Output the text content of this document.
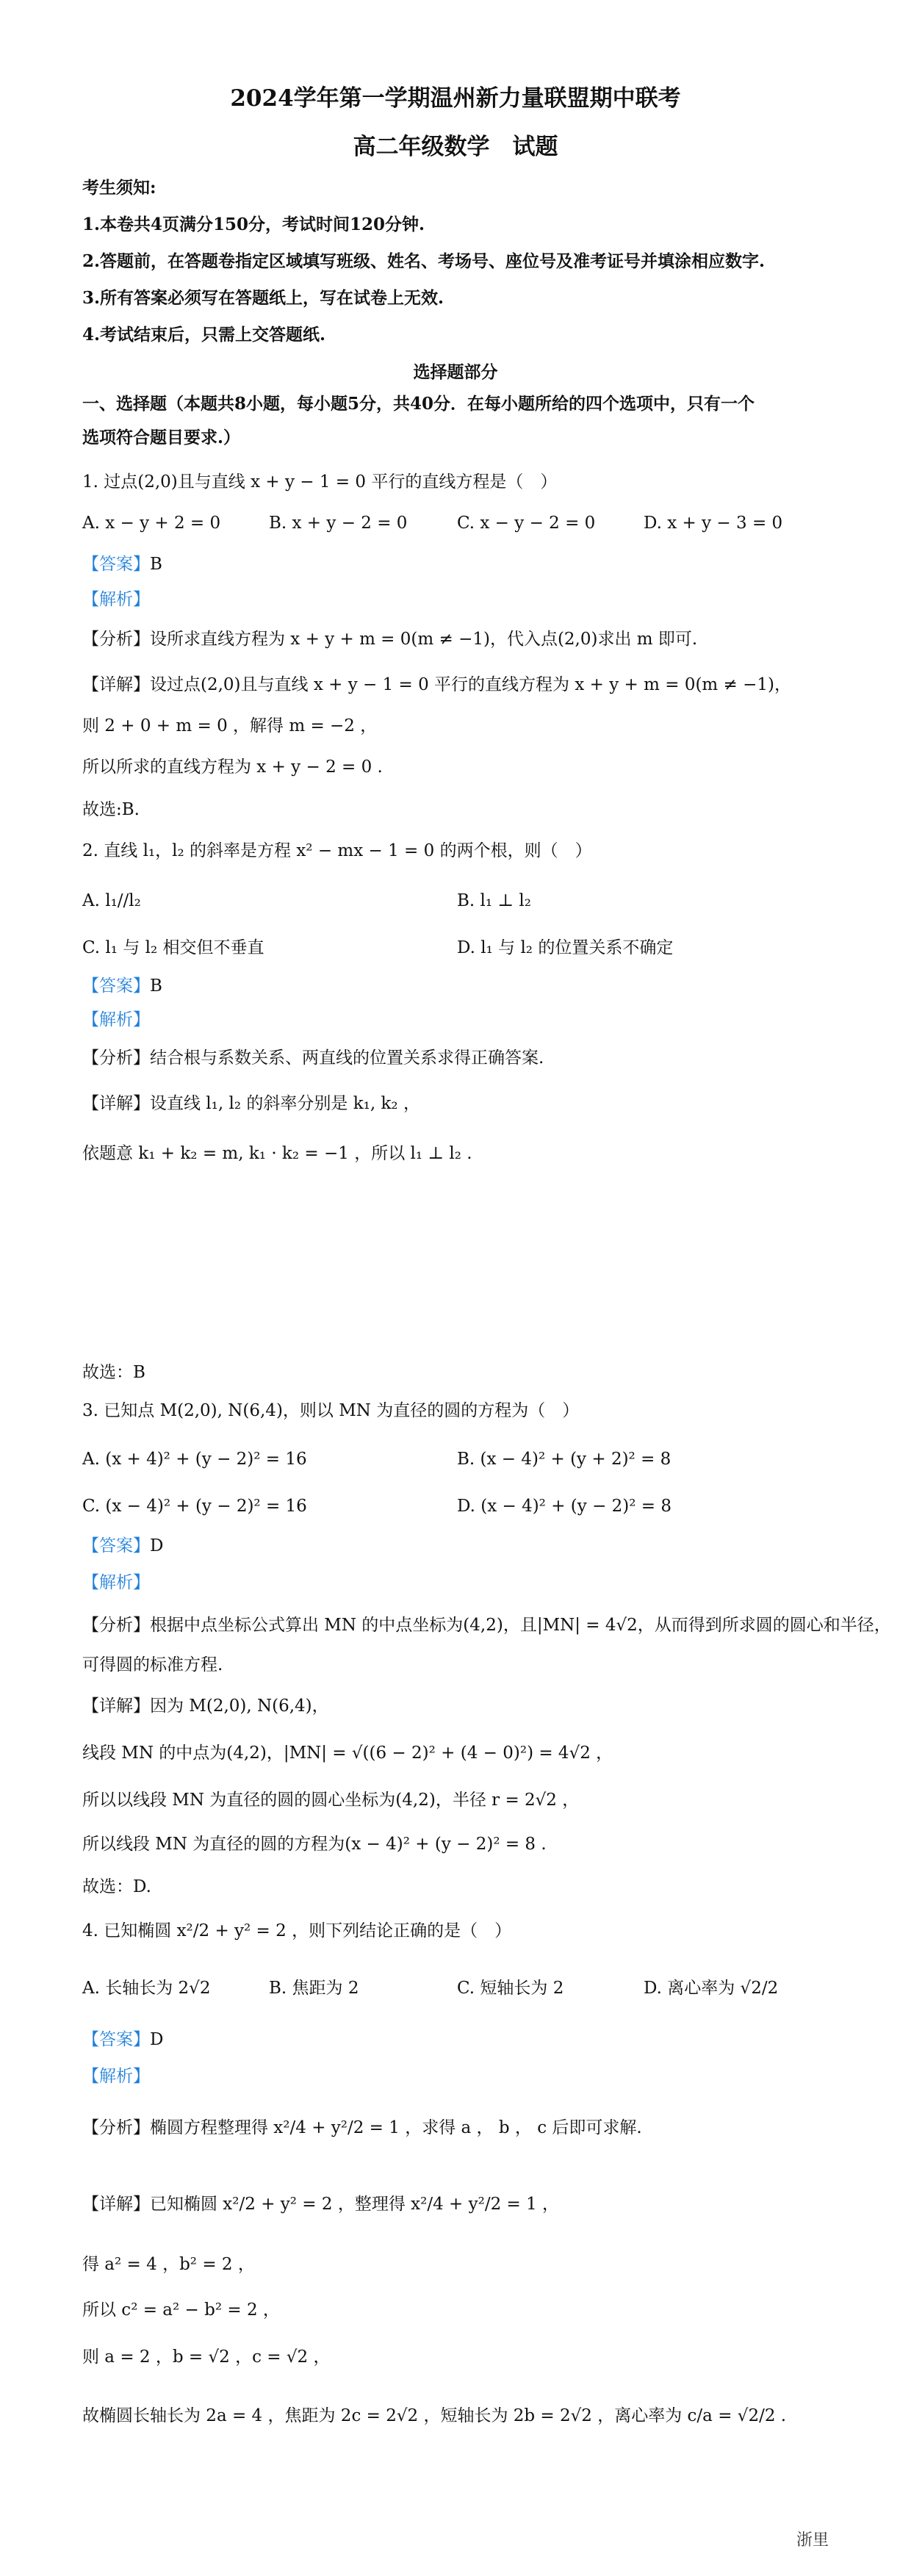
2024学年第一学期温州新力量联盟期中联考
高二年级数学　试题
考生须知:
1.本卷共4页满分150分，考试时间120分钟.
2.答题前，在答题卷指定区域填写班级、姓名、考场号、座位号及准考证号并填涂相应数字.
3.所有答案必须写在答题纸上，写在试卷上无效.
4.考试结束后，只需上交答题纸.
选择题部分
一、选择题（本题共8小题，每小题5分，共40分．在每小题所给的四个选项中，只有一个
选项符合题目要求.）
1. 过点(2,0)且与直线 x + y − 1 = 0 平行的直线方程是（　）
A. x − y + 2 = 0	B. x + y − 2 = 0	C. x − y − 2 = 0	D. x + y − 3 = 0
【答案】B
【解析】
【分析】设所求直线方程为 x + y + m = 0(m ≠ −1)，代入点(2,0)求出 m 即可.
【详解】设过点(2,0)且与直线 x + y − 1 = 0 平行的直线方程为 x + y + m = 0(m ≠ −1)，
则 2 + 0 + m = 0 ，解得 m = −2 ，
所以所求的直线方程为 x + y − 2 = 0 .
故选:B.
2. 直线 l₁，l₂ 的斜率是方程 x² − mx − 1 = 0 的两个根，则（　）
A. l₁//l₂	B. l₁ ⊥ l₂
C. l₁ 与 l₂ 相交但不垂直	D. l₁ 与 l₂ 的位置关系不确定
【答案】B
【解析】
【分析】结合根与系数关系、两直线的位置关系求得正确答案.
【详解】设直线 l₁, l₂ 的斜率分别是 k₁, k₂ ，
依题意 k₁ + k₂ = m, k₁ · k₂ = −1 ，所以 l₁ ⊥ l₂ .
故选：B
3. 已知点 M(2,0), N(6,4)，则以 MN 为直径的圆的方程为（　）
A. (x + 4)² + (y − 2)² = 16	B. (x − 4)² + (y + 2)² = 8
C. (x − 4)² + (y − 2)² = 16	D. (x − 4)² + (y − 2)² = 8
【答案】D
【解析】
【分析】根据中点坐标公式算出 MN 的中点坐标为(4,2)，且|MN| = 4√2，从而得到所求圆的圆心和半径，
可得圆的标准方程.
【详解】因为 M(2,0), N(6,4)，
线段 MN 的中点为(4,2)，|MN| = √((6 − 2)² + (4 − 0)²) = 4√2 ，
所以以线段 MN 为直径的圆的圆心坐标为(4,2)，半径 r = 2√2 ，
所以线段 MN 为直径的圆的方程为(x − 4)² + (y − 2)² = 8 .
故选：D.
4. 已知椭圆 x²/2 + y² = 2 ，则下列结论正确的是（　）
A. 长轴长为 2√2	B. 焦距为 2	C. 短轴长为 2	D. 离心率为 √2/2
【答案】D
【解析】
【分析】椭圆方程整理得 x²/4 + y²/2 = 1 ，求得 a ， b ， c 后即可求解.
【详解】已知椭圆 x²/2 + y² = 2 ，整理得 x²/4 + y²/2 = 1 ，
得 a² = 4 ，b² = 2 ，
所以 c² = a² − b² = 2 ，
则 a = 2 ，b = √2 ，c = √2 ，
故椭圆长轴长为 2a = 4 ，焦距为 2c = 2√2 ，短轴长为 2b = 2√2 ，离心率为 c/a = √2/2 .
浙里
